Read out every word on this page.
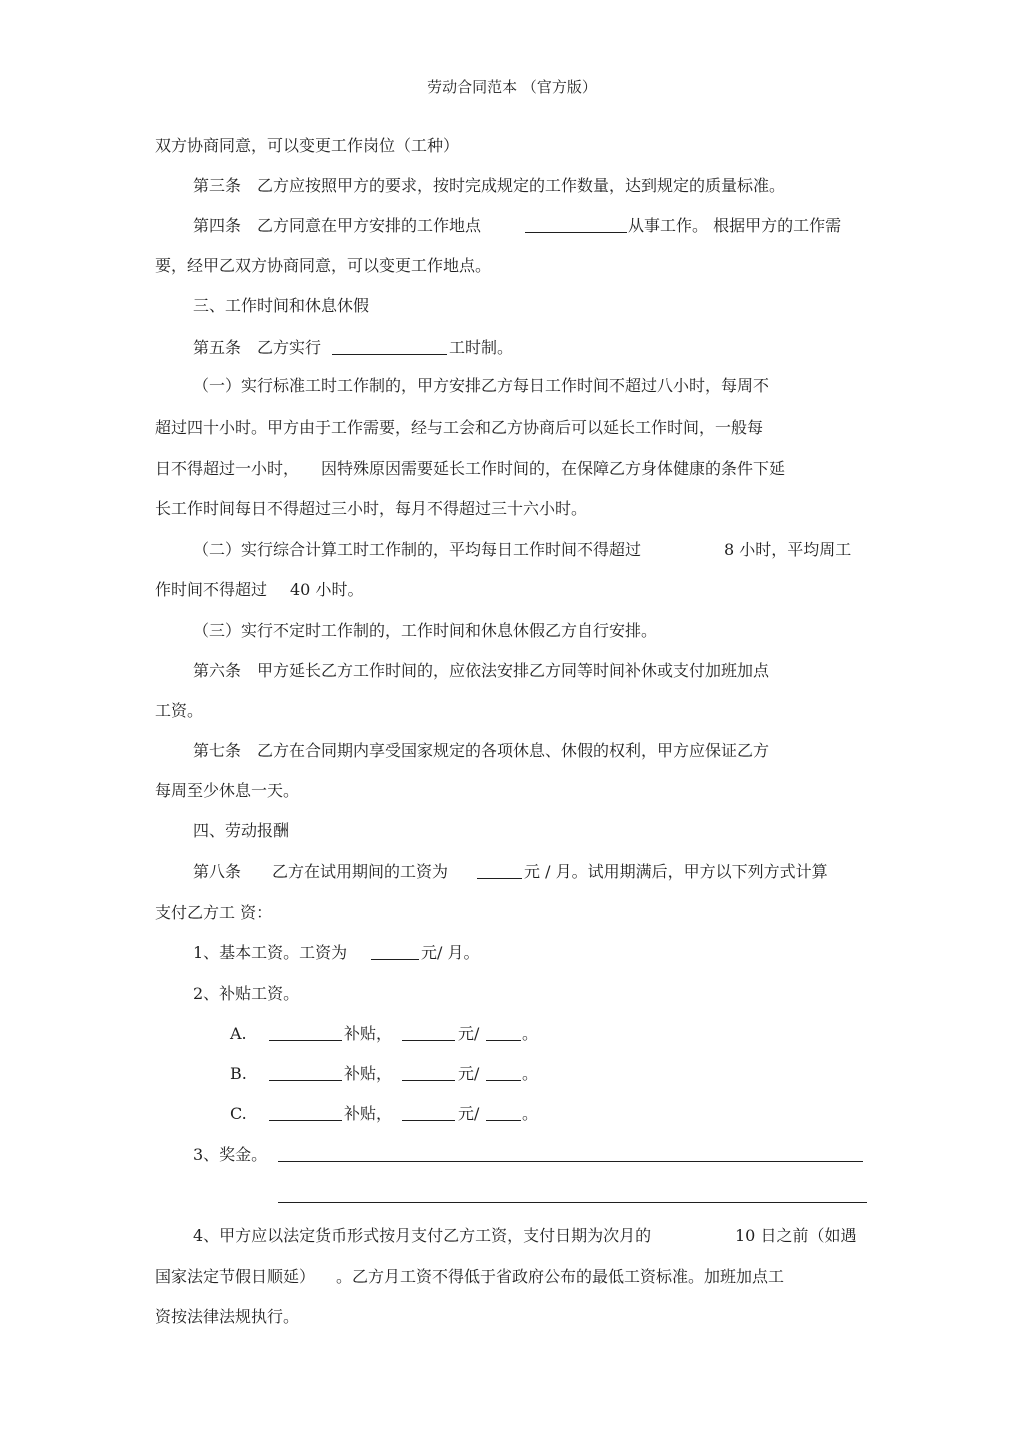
劳动合同范本 （官方版）
双方协商同意，可以变更工作岗位（工种）
第三条　乙方应按照甲方的要求，按时完成规定的工作数量，达到规定的质量标准。
第四条　乙方同意在甲方安排的工作地点	从事工作。 根据甲方的工作需
要，经甲乙双方协商同意，可以变更工作地点。
三、工作时间和休息休假
第五条　乙方实行	工时制。
（一）实行标准工时工作制的，甲方安排乙方每日工作时间不超过八小时，每周不
超过四十小时。甲方由于工作需要，经与工会和乙方协商后可以延长工作时间，一般每
日不得超过一小时， 因特殊原因需要延长工作时间的，在保障乙方身体健康的条件下延
长工作时间每日不得超过三小时，每月不得超过三十六小时。
（二）实行综合计算工时工作制的，平均每日工作时间不得超过	8 小时，平均周工
作时间不得超过 40 小时。
（三）实行不定时工作制的，工作时间和休息休假乙方自行安排。
第六条　甲方延长乙方工作时间的，应依法安排乙方同等时间补休或支付加班加点
工资。
第七条　乙方在合同期内享受国家规定的各项休息、休假的权利，甲方应保证乙方
每周至少休息一天。
四、劳动报酬
第八条 乙方在试用期间的工资为	元 / 月。试用期满后，甲方以下列方式计算
支付乙方工 资：
1、基本工资。工资为	元/ 月。
2、补贴工资。
A.	补贴，	元/	。
B.	补贴，	元/	。
C.	补贴，	元/	。
3、奖金。
4、甲方应以法定货币形式按月支付乙方工资，支付日期为次月的	10 日之前（如遇
国家法定节假日顺延） 。乙方月工资不得低于省政府公布的最低工资标准。加班加点工
资按法律法规执行。
